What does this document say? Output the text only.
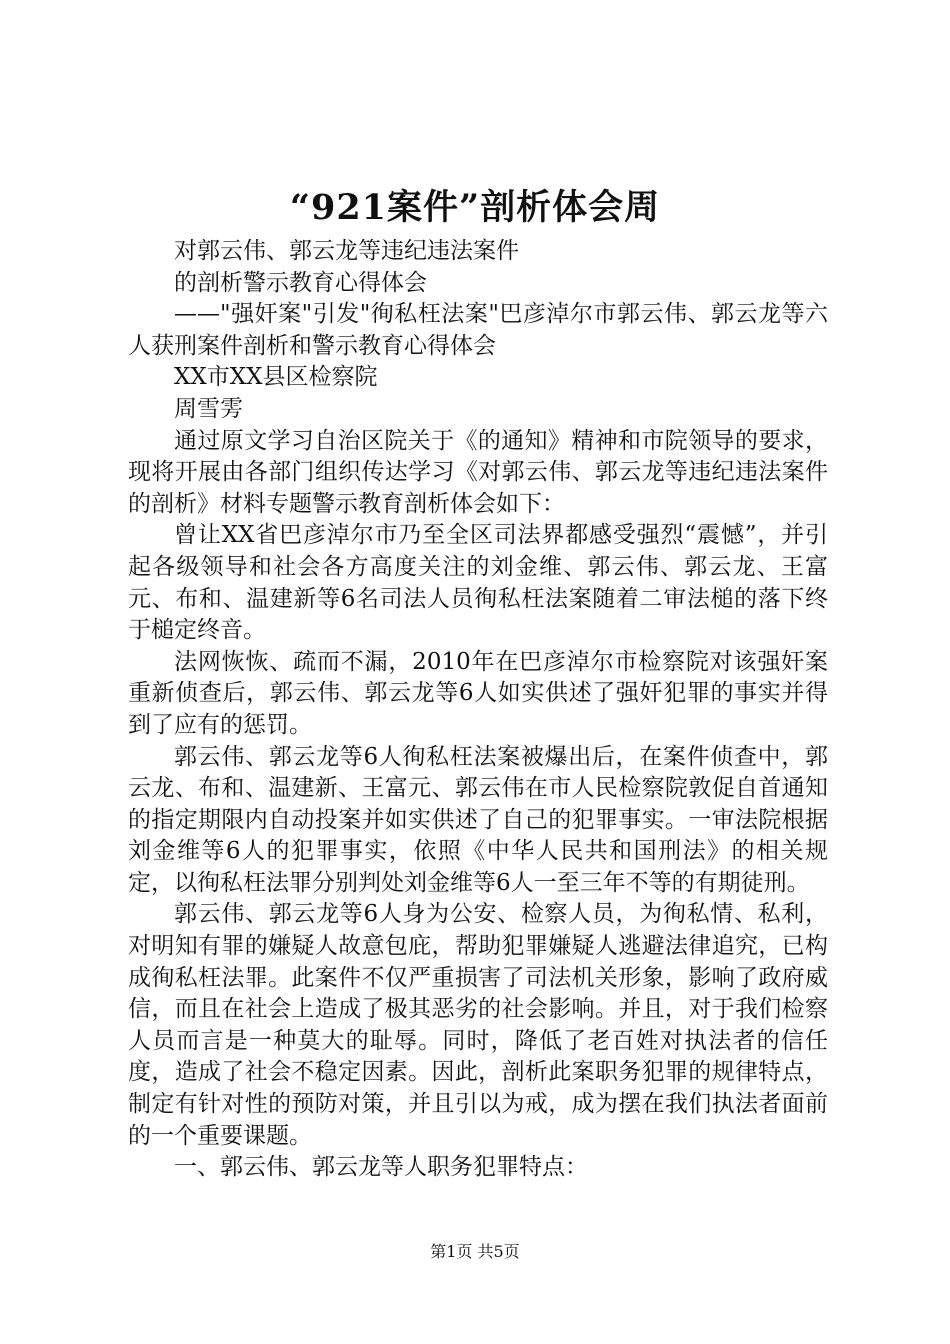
“921案件”剖析体会周

对郭云伟、郭云龙等违纪违法案件

的剖析警示教育心得体会

——"强奸案"引发"徇私枉法案"巴彦淖尔市郭云伟、郭云龙等六人获刑案件剖析和警示教育心得体会

XX市XX县区检察院

周雪雱

通过原文学习自治区院关于《的通知》精神和市院领导的要求，现将开展由各部门组织传达学习《对郭云伟、郭云龙等违纪违法案件的剖析》材料专题警示教育剖析体会如下：

曾让XX省巴彦淖尔市乃至全区司法界都感受强烈“震憾”，并引起各级领导和社会各方高度关注的刘金维、郭云伟、郭云龙、王富元、布和、温建新等6名司法人员徇私枉法案随着二审法槌的落下终于槌定终音。

法网恢恢、疏而不漏，2010年在巴彦淖尔市检察院对该强奸案重新侦查后，郭云伟、郭云龙等6人如实供述了强奸犯罪的事实并得到了应有的惩罚。

郭云伟、郭云龙等6人徇私枉法案被爆出后，在案件侦查中，郭云龙、布和、温建新、王富元、郭云伟在市人民检察院敦促自首通知的指定期限内自动投案并如实供述了自己的犯罪事实。一审法院根据刘金维等6人的犯罪事实，依照《中华人民共和国刑法》的相关规定，以徇私枉法罪分别判处刘金维等6人一至三年不等的有期徒刑。

郭云伟、郭云龙等6人身为公安、检察人员，为徇私情、私利，对明知有罪的嫌疑人故意包庇，帮助犯罪嫌疑人逃避法律追究，已构成徇私枉法罪。此案件不仅严重损害了司法机关形象，影响了政府威信，而且在社会上造成了极其恶劣的社会影响。并且，对于我们检察人员而言是一种莫大的耻辱。同时，降低了老百姓对执法者的信任度，造成了社会不稳定因素。因此，剖析此案职务犯罪的规律特点，制定有针对性的预防对策，并且引以为戒，成为摆在我们执法者面前的一个重要课题。

一、郭云伟、郭云龙等人职务犯罪特点：

第1页 共5页
